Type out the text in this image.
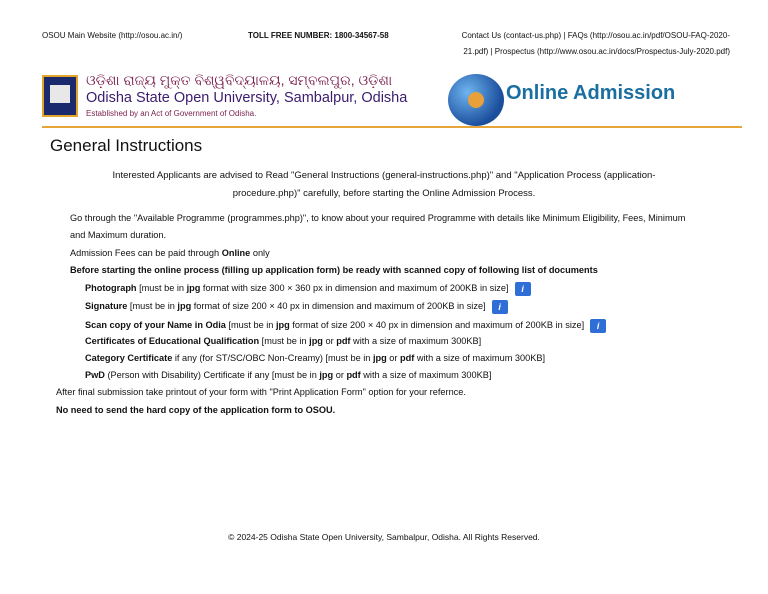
OSOU Main Website (http://osou.ac.in/)	TOLL FREE NUMBER: 1800-34567-58	Contact Us (contact-us.php) | FAQs (http://osou.ac.in/pdf/OSOU-FAQ-2020-21.pdf) | Prospectus (http://www.osou.ac.in/docs/Prospectus-July-2020.pdf)
ଓଡ଼ିଶା ରାଜ୍ୟ ମୁକ୍ତ ବିଶ୍ୱବିଦ୍ୟାଳୟ, ସମ୍ବଲପୁର, ଓଡ଼ିଶା
Odisha State Open University, Sambalpur, Odisha
Established by an Act of Government of Odisha.
Online Admission
General Instructions
Interested Applicants are advised to Read "General Instructions (general-instructions.php)" and "Application Process (application-procedure.php)" carefully, before starting the Online Admission Process.
Go through the "Available Programme (programmes.php)", to know about your required Programme with details like Minimum Eligibility, Fees, Minimum and Maximum duration.
Admission Fees can be paid through Online only
Before starting the online process (filling up application form) be ready with scanned copy of following list of documents
Photograph [must be in jpg format with size 300 × 360 px in dimension and maximum of 200KB in size] i
Signature [must be in jpg format of size 200 × 40 px in dimension and maximum of 200KB in size] i
Scan copy of your Name in Odia [must be in jpg format of size 200 × 40 px in dimension and maximum of 200KB in size] i
Certificates of Educational Qualification [must be in jpg or pdf with a size of maximum 300KB]
Category Certificate if any (for ST/SC/OBC Non-Creamy) [must be in jpg or pdf with a size of maximum 300KB]
PwD (Person with Disability) Certificate if any [must be in jpg or pdf with a size of maximum 300KB]
After final submission take printout of your form with "Print Application Form" option for your refernce.
No need to send the hard copy of the application form to OSOU.
© 2024-25 Odisha State Open University, Sambalpur, Odisha. All Rights Reserved.
